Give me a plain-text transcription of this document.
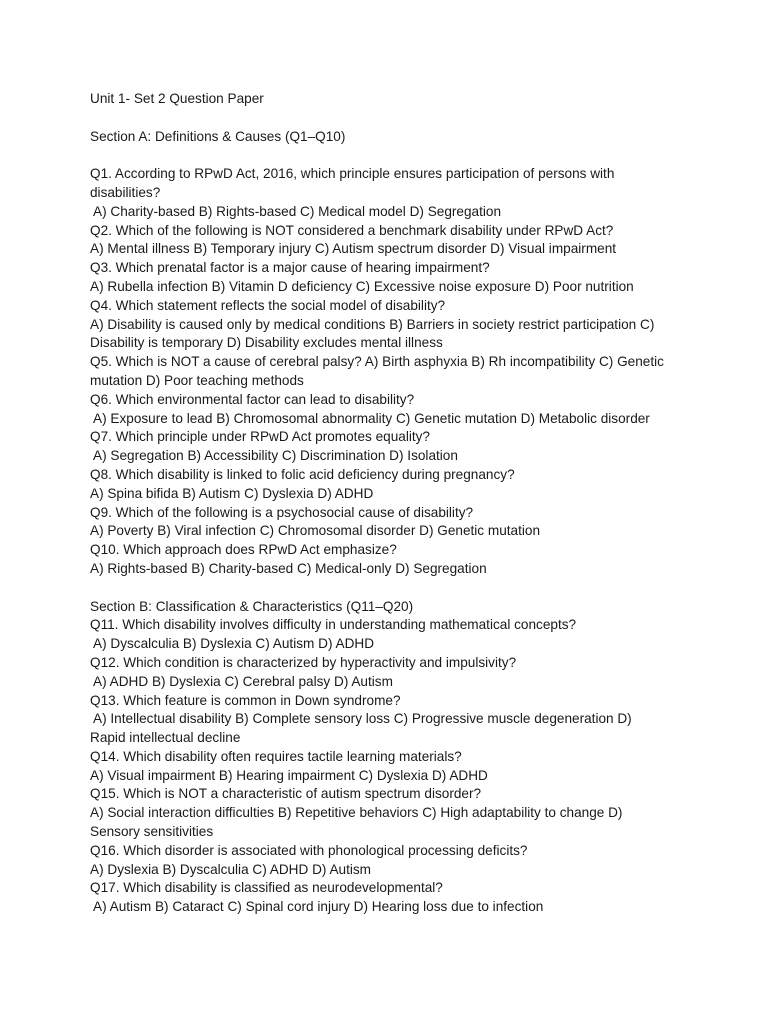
Unit 1- Set 2 Question Paper
Section A: Definitions & Causes (Q1–Q10)
Q1. According to RPwD Act, 2016, which principle ensures participation of persons with
disabilities?
A) Charity-based B) Rights-based C) Medical model D) Segregation
Q2. Which of the following is NOT considered a benchmark disability under RPwD Act?
A) Mental illness B) Temporary injury C) Autism spectrum disorder D) Visual impairment
Q3. Which prenatal factor is a major cause of hearing impairment?
A) Rubella infection B) Vitamin D deficiency C) Excessive noise exposure D) Poor nutrition
Q4. Which statement reflects the social model of disability?
A) Disability is caused only by medical conditions B) Barriers in society restrict participation C)
Disability is temporary D) Disability excludes mental illness
Q5. Which is NOT a cause of cerebral palsy? A) Birth asphyxia B) Rh incompatibility C) Genetic
mutation D) Poor teaching methods
Q6. Which environmental factor can lead to disability?
A) Exposure to lead B) Chromosomal abnormality C) Genetic mutation D) Metabolic disorder
Q7. Which principle under RPwD Act promotes equality?
A) Segregation B) Accessibility C) Discrimination D) Isolation
Q8. Which disability is linked to folic acid deficiency during pregnancy?
A) Spina bifida B) Autism C) Dyslexia D) ADHD
Q9. Which of the following is a psychosocial cause of disability?
A) Poverty B) Viral infection C) Chromosomal disorder D) Genetic mutation
Q10. Which approach does RPwD Act emphasize?
A) Rights-based B) Charity-based C) Medical-only D) Segregation
Section B: Classification & Characteristics (Q11–Q20)
Q11. Which disability involves difficulty in understanding mathematical concepts?
A) Dyscalculia B) Dyslexia C) Autism D) ADHD
Q12. Which condition is characterized by hyperactivity and impulsivity?
A) ADHD B) Dyslexia C) Cerebral palsy D) Autism
Q13. Which feature is common in Down syndrome?
A) Intellectual disability B) Complete sensory loss C) Progressive muscle degeneration D)
Rapid intellectual decline
Q14. Which disability often requires tactile learning materials?
A) Visual impairment B) Hearing impairment C) Dyslexia D) ADHD
Q15. Which is NOT a characteristic of autism spectrum disorder?
A) Social interaction difficulties B) Repetitive behaviors C) High adaptability to change D)
Sensory sensitivities
Q16. Which disorder is associated with phonological processing deficits?
A) Dyslexia B) Dyscalculia C) ADHD D) Autism
Q17. Which disability is classified as neurodevelopmental?
A) Autism B) Cataract C) Spinal cord injury D) Hearing loss due to infection
